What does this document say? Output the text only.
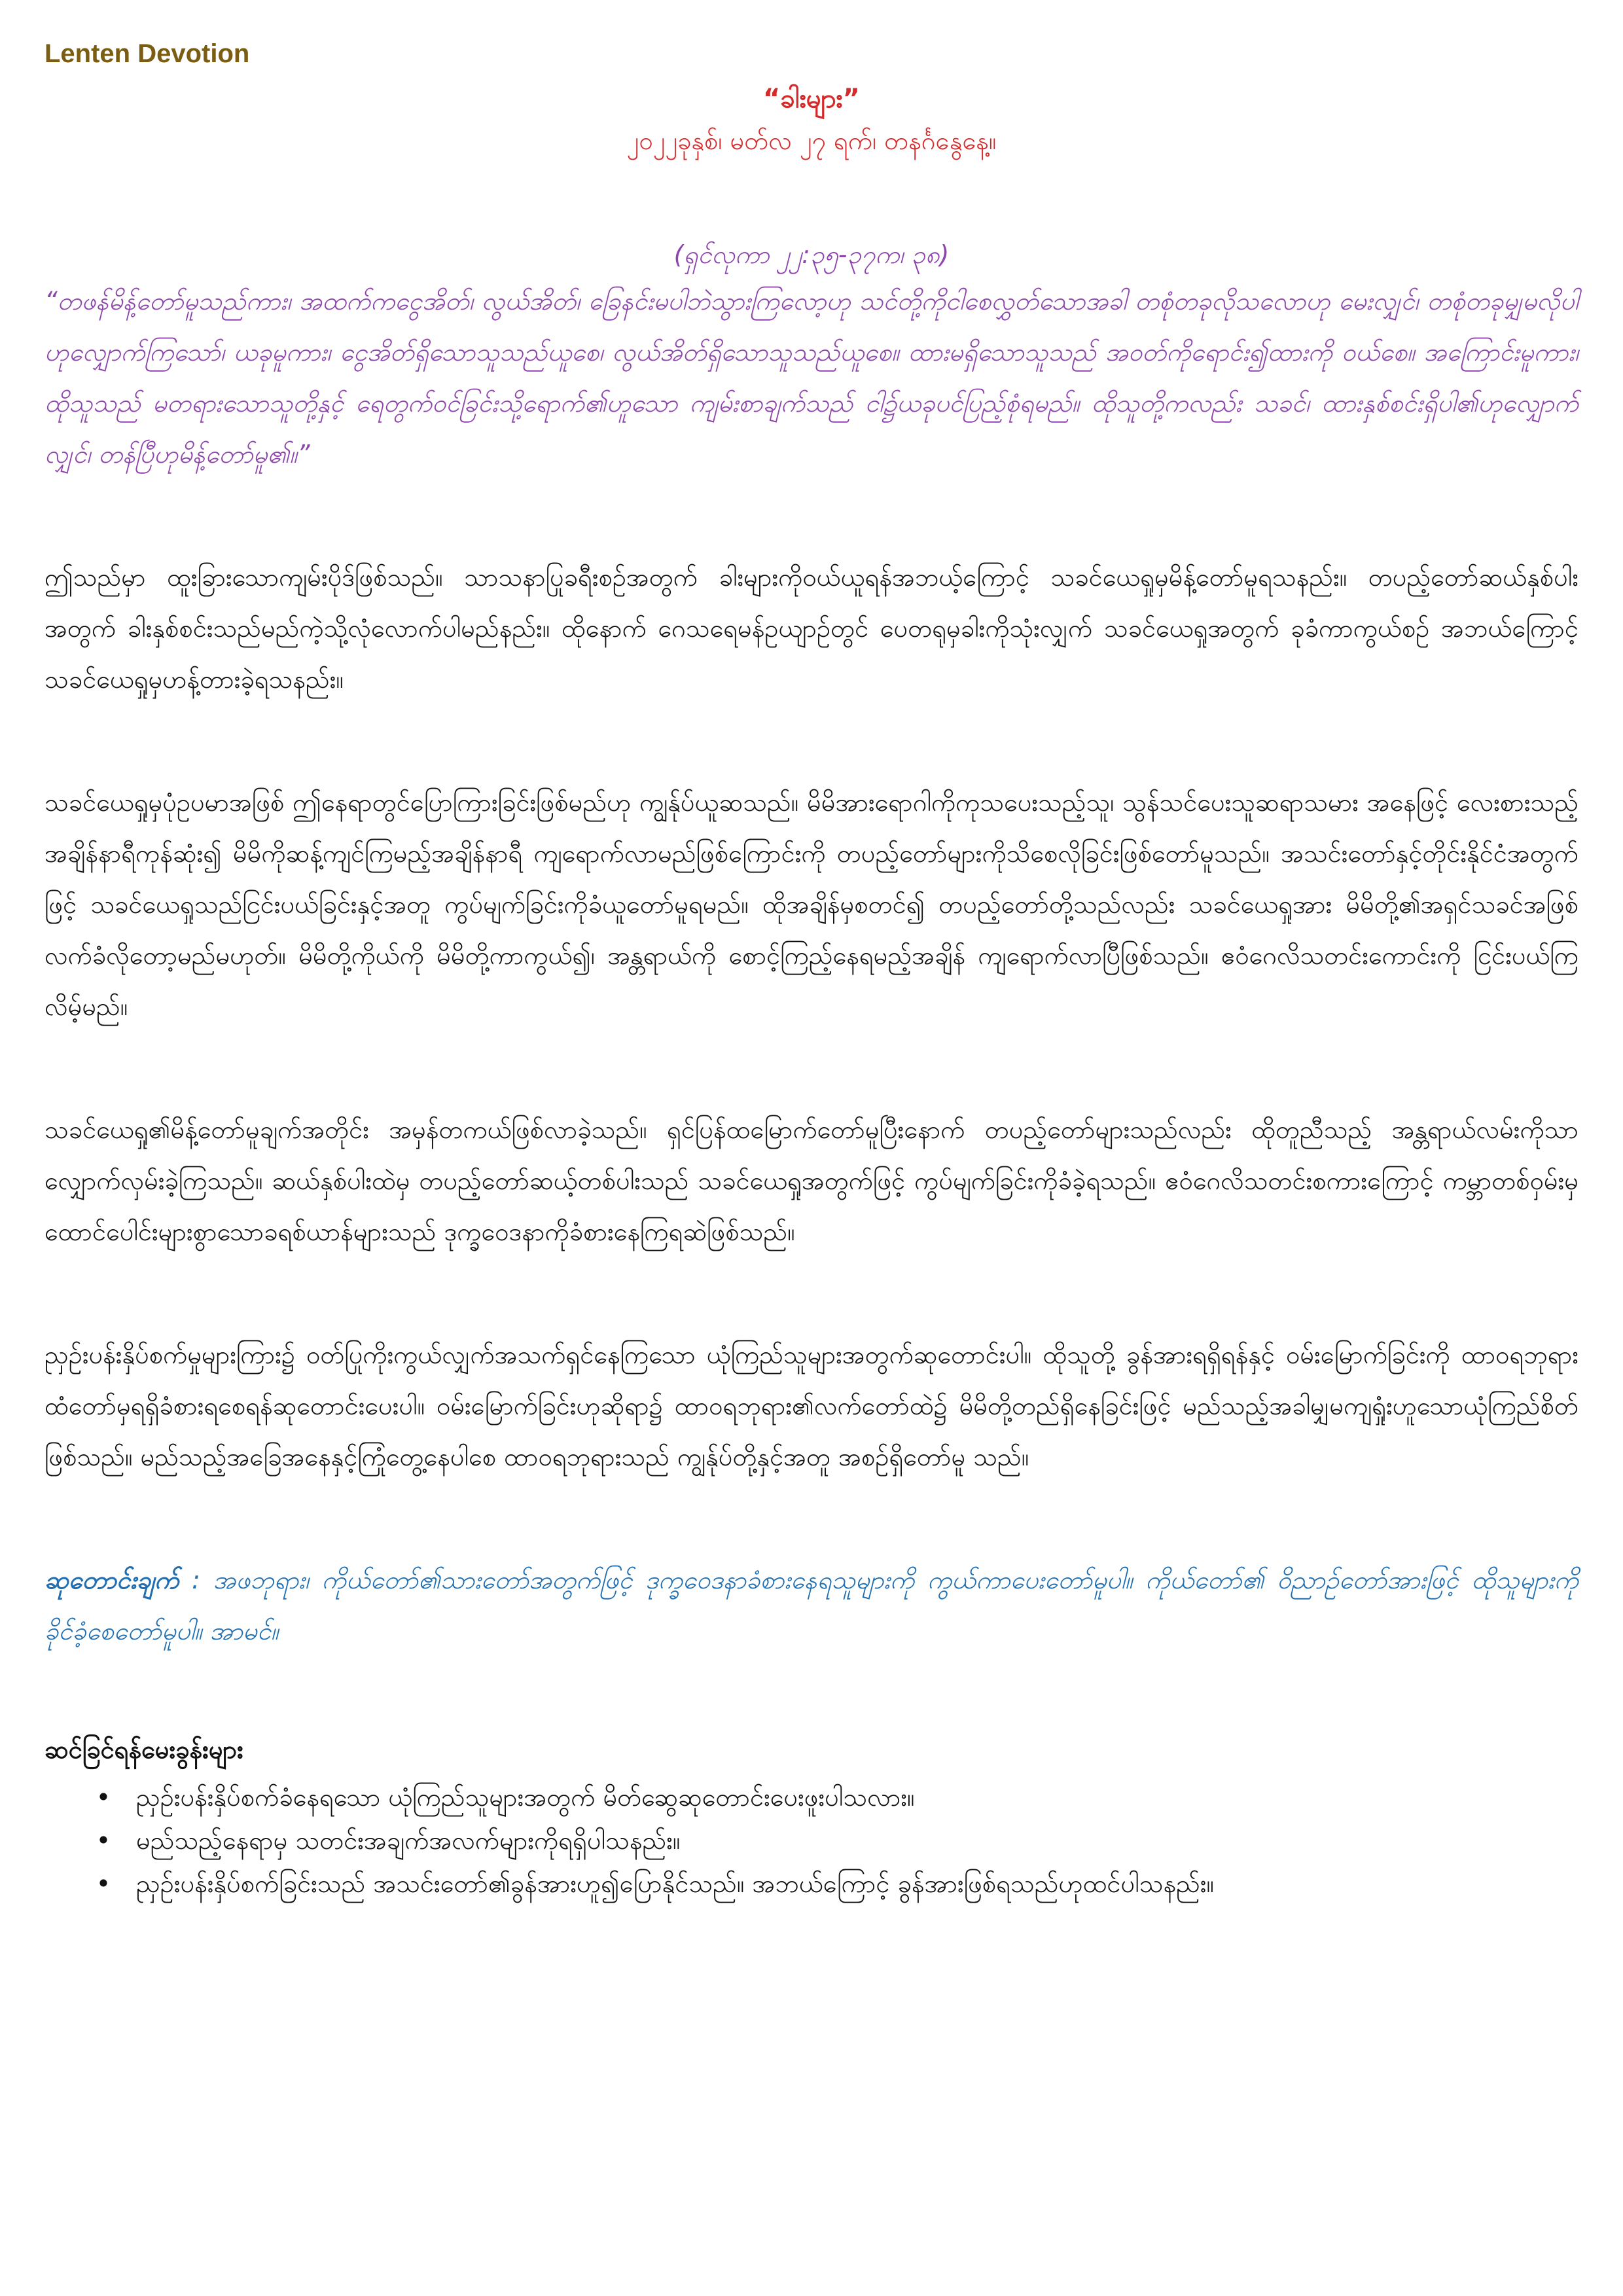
Lenten Devotion

“ခါးများ”

၂၀၂၂ခုနှစ်၊ မတ်လ ၂၇ ရက်၊ တနင်္ဂနွေနေ့။

(ရှင်လုကာ ၂၂:၃၅-၃၇က၊ ၃၈)

“တဖန်မိန့်တော်မူသည်ကား၊ အထက်ကငွေအိတ်၊ လွယ်အိတ်၊ ခြေနင်းမပါဘဲသွားကြလော့ဟု သင်တို့ကိုငါစေလွှတ်သောအခါ တစုံတခုလိုသလောဟု မေးလျှင်၊ တစုံတခုမျှမလိုပါဟုလျှောက်ကြသော်၊ ယခုမူကား၊ ငွေအိတ်ရှိသောသူသည်ယူစေ၊ လွယ်အိတ်ရှိသောသူသည်ယူစေ။ ထားမရှိသောသူသည် အဝတ်ကိုရောင်း၍ထားကို ဝယ်စေ။ အကြောင်းမူကား၊ ထိုသူသည် မတရားသောသူတို့နှင့် ရေတွက်ဝင်ခြင်းသို့ရောက်၏ဟူသော ကျမ်းစာချက်သည် ငါ၌ယခုပင်ပြည့်စုံရမည်။ ထိုသူတို့ကလည်း သခင်၊ ထားနှစ်စင်းရှိပါ၏ဟုလျှောက်လျှင်၊ တန်ပြီဟုမိန့်တော်မူ၏။”

ဤသည်မှာ ထူးခြားသောကျမ်းပိုဒ်ဖြစ်သည်။ သာသနာပြုခရီးစဉ်အတွက် ခါးများကိုဝယ်ယူရန်အဘယ့်ကြောင့် သခင်ယေရှုမှမိန့်တော်မူရသနည်း။ တပည့်တော်ဆယ်နှစ်ပါးအတွက် ခါးနှစ်စင်းသည်မည်ကဲ့သို့လုံလောက်ပါမည်နည်း။ ထိုနောက် ဂေသရေမန်ဥယျာဉ်တွင် ပေတရုမှခါးကိုသုံးလျှက် သခင်ယေရှုအတွက် ခုခံကာကွယ်စဉ် အဘယ်ကြောင့်သခင်ယေရှုမှဟန့်တားခဲ့ရသနည်း။

သခင်ယေရှုမှပုံဥပမာအဖြစ် ဤနေရာတွင်ပြောကြားခြင်းဖြစ်မည်ဟု ကျွန်ုပ်ယူဆသည်။ မိမိအားရောဂါကိုကုသပေးသည့်သူ၊ သွန်သင်ပေးသူဆရာသမား အနေဖြင့် လေးစားသည့်အချိန်နာရီကုန်ဆုံး၍ မိမိကိုဆန့်ကျင်ကြမည့်အချိန်နာရီ ကျရောက်လာမည်ဖြစ်ကြောင်းကို တပည့်တော်များကိုသိစေလိုခြင်းဖြစ်တော်မူသည်။ အသင်းတော်နှင့်တိုင်းနိုင်ငံအတွက်ဖြင့် သခင်ယေရှုသည်ငြင်းပယ်ခြင်းနှင့်အတူ ကွပ်မျက်ခြင်းကိုခံယူတော်မူရမည်။ ထိုအချိန်မှစတင်၍ တပည့်တော်တို့သည်လည်း သခင်ယေရှုအား မိမိတို့၏အရှင်သခင်အဖြစ် လက်ခံလိုတော့မည်မဟုတ်။ မိမိတို့ကိုယ်ကို မိမိတို့ကာကွယ်၍၊ အန္တရာယ်ကို စောင့်ကြည့်နေရမည့်အချိန် ကျရောက်လာပြီဖြစ်သည်။ ဧဝံဂေလိသတင်းကောင်းကို ငြင်းပယ်ကြလိမ့်မည်။

သခင်ယေရှု၏မိန့်တော်မူချက်အတိုင်း အမှန်တကယ်ဖြစ်လာခဲ့သည်။ ရှင်ပြန်ထမြောက်တော်မူပြီးနောက် တပည့်တော်များသည်လည်း ထိုတူညီသည့် အန္တရာယ်လမ်းကိုသာလျှောက်လှမ်းခဲ့ကြသည်။ ဆယ်နှစ်ပါးထဲမှ တပည့်တော်ဆယ့်တစ်ပါးသည် သခင်ယေရှုအတွက်ဖြင့် ကွပ်မျက်ခြင်းကိုခံခဲ့ရသည်။ ဧဝံဂေလိသတင်းစကားကြောင့် ကမ္ဘာတစ်ဝှမ်းမှ ထောင်ပေါင်းများစွာသောခရစ်ယာန်များသည် ဒုက္ခဝေဒနာကိုခံစားနေကြရဆဲဖြစ်သည်။

ညှဉ်းပန်းနှိပ်စက်မှုများကြား၌ ဝတ်ပြုကိုးကွယ်လျှက်အသက်ရှင်နေကြသော ယုံကြည်သူများအတွက်ဆုတောင်းပါ။ ထိုသူတို့ ခွန်အားရရှိရန်နှင့် ဝမ်းမြောက်ခြင်းကို ထာဝရဘုရားထံတော်မှရရှိခံစားရစေရန်ဆုတောင်းပေးပါ။ ဝမ်းမြောက်ခြင်းဟုဆိုရာ၌ ထာဝရဘုရား၏လက်တော်ထဲ၌ မိမိတို့တည်ရှိနေခြင်းဖြင့် မည်သည့်အခါမျှမကျရှုံးဟူသောယုံကြည်စိတ်ဖြစ်သည်။ မည်သည့်အခြေအနေနှင့်ကြုံတွေ့နေပါစေ ထာဝရဘုရားသည် ကျွန်ုပ်တို့နှင့်အတူ အစဉ်ရှိတော်မူ သည်။

ဆုတောင်းချက် : အဖဘုရား၊ ကိုယ်တော်၏သားတော်အတွက်ဖြင့် ဒုက္ခဝေဒနာခံစားနေရသူများကို ကွယ်ကာပေးတော်မူပါ။ ကိုယ်တော်၏ ဝိညာဉ်တော်အားဖြင့် ထိုသူများကိုခိုင်ခံ့စေတော်မူပါ။ အာမင်။

ဆင်ခြင်ရန်မေးခွန်းများ

• ညှဉ်းပန်းနှိပ်စက်ခံနေရသော ယုံကြည်သူများအတွက် မိတ်ဆွေဆုတောင်းပေးဖူးပါသလား။
• မည်သည့်နေရာမှ သတင်းအချက်အလက်များကိုရရှိပါသနည်း။
• ညှဉ်းပန်းနှိပ်စက်ခြင်းသည် အသင်းတော်၏ခွန်အားဟူ၍ပြောနိုင်သည်။ အဘယ်ကြောင့် ခွန်အားဖြစ်ရသည်ဟုထင်ပါသနည်း။
